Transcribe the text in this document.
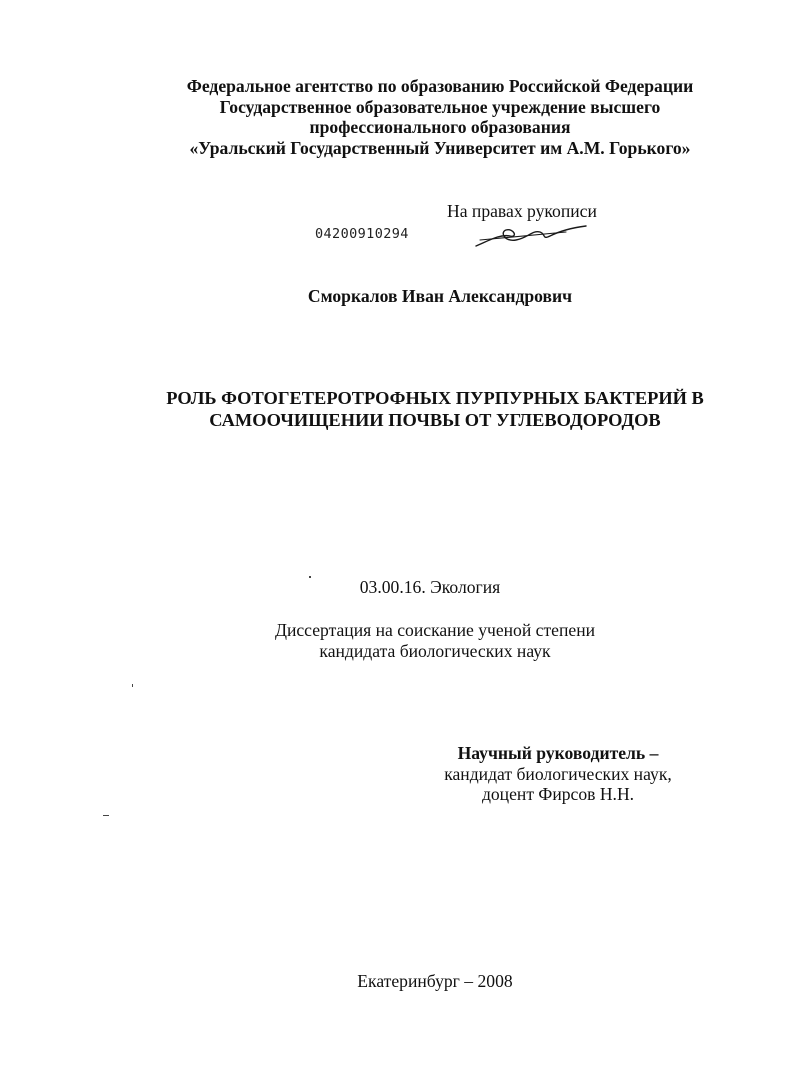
Федеральное агентство по образованию Российской Федерации
Государственное образовательное учреждение высшего
профессионального образования
«Уральский Государственный Университет им А.М. Горького»
На правах рукописи
04200910294
Сморкалов Иван Александрович
РОЛЬ ФОТОГЕТЕРОТРОФНЫХ ПУРПУРНЫХ БАКТЕРИЙ В
САМООЧИЩЕНИИ ПОЧВЫ ОТ УГЛЕВОДОРОДОВ
03.00.16. Экология
Диссертация на соискание ученой степени
кандидата биологических наук
Научный руководитель –
кандидат биологических наук,
доцент Фирсов Н.Н.
Екатеринбург – 2008
